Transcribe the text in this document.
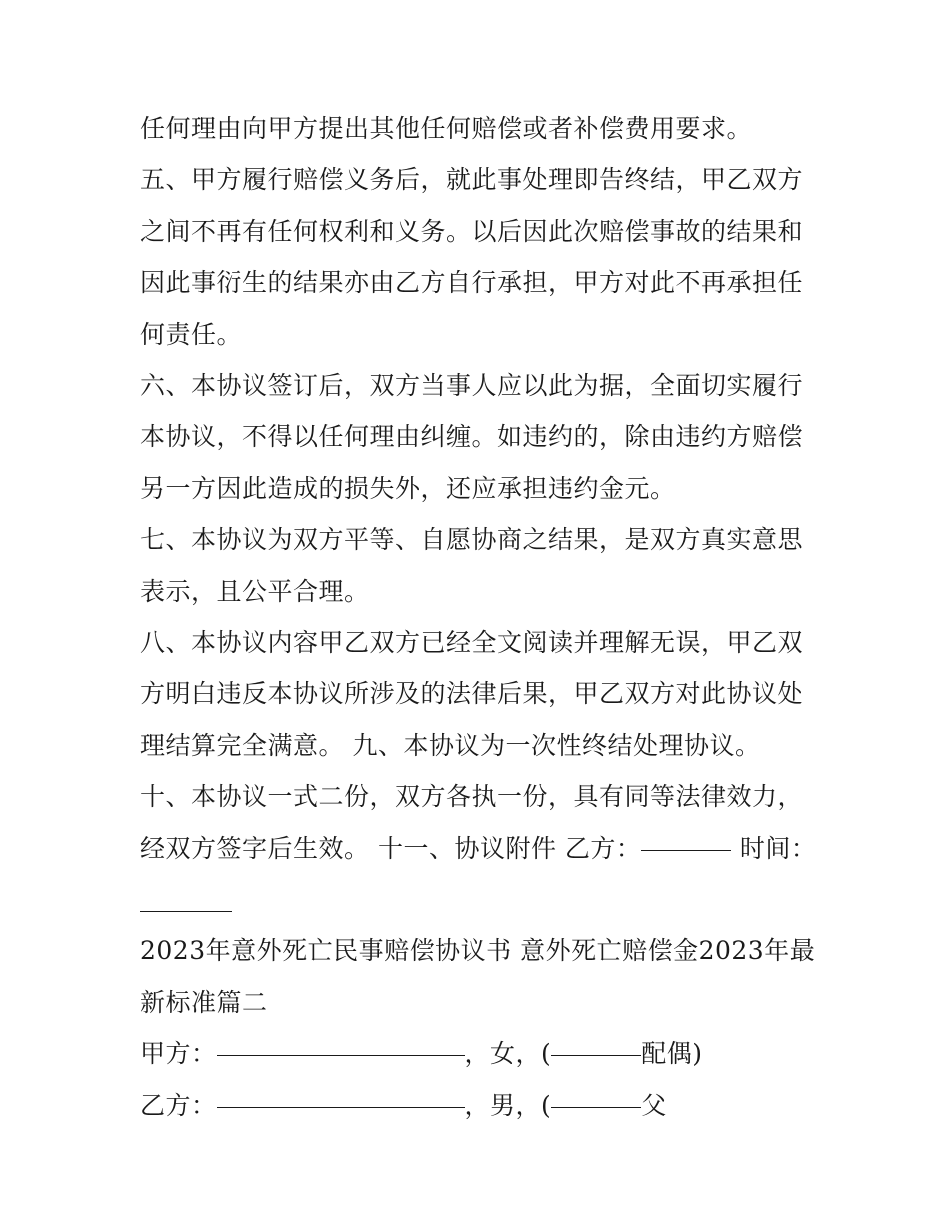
任何理由向甲方提出其他任何赔偿或者补偿费用要求。

五、甲方履行赔偿义务后，就此事处理即告终结，甲乙双方之间不再有任何权利和义务。以后因此次赔偿事故的结果和因此事衍生的结果亦由乙方自行承担，甲方对此不再承担任何责任。

六、本协议签订后，双方当事人应以此为据，全面切实履行本协议，不得以任何理由纠缠。如违约的，除由违约方赔偿另一方因此造成的损失外，还应承担违约金元。

七、本协议为双方平等、自愿协商之结果，是双方真实意思表示，且公平合理。

八、本协议内容甲乙双方已经全文阅读并理解无误，甲乙双方明白违反本协议所涉及的法律后果，甲乙双方对此协议处理结算完全满意。 九、本协议为一次性终结处理协议。

十、本协议一式二份，双方各执一份，具有同等法律效力，经双方签字后生效。 十一、协议附件 乙方：	时间：

2023年意外死亡民事赔偿协议书 意外死亡赔偿金2023年最新标准篇二

甲方：	，女，(	配偶)

乙方：	，男，(	父
